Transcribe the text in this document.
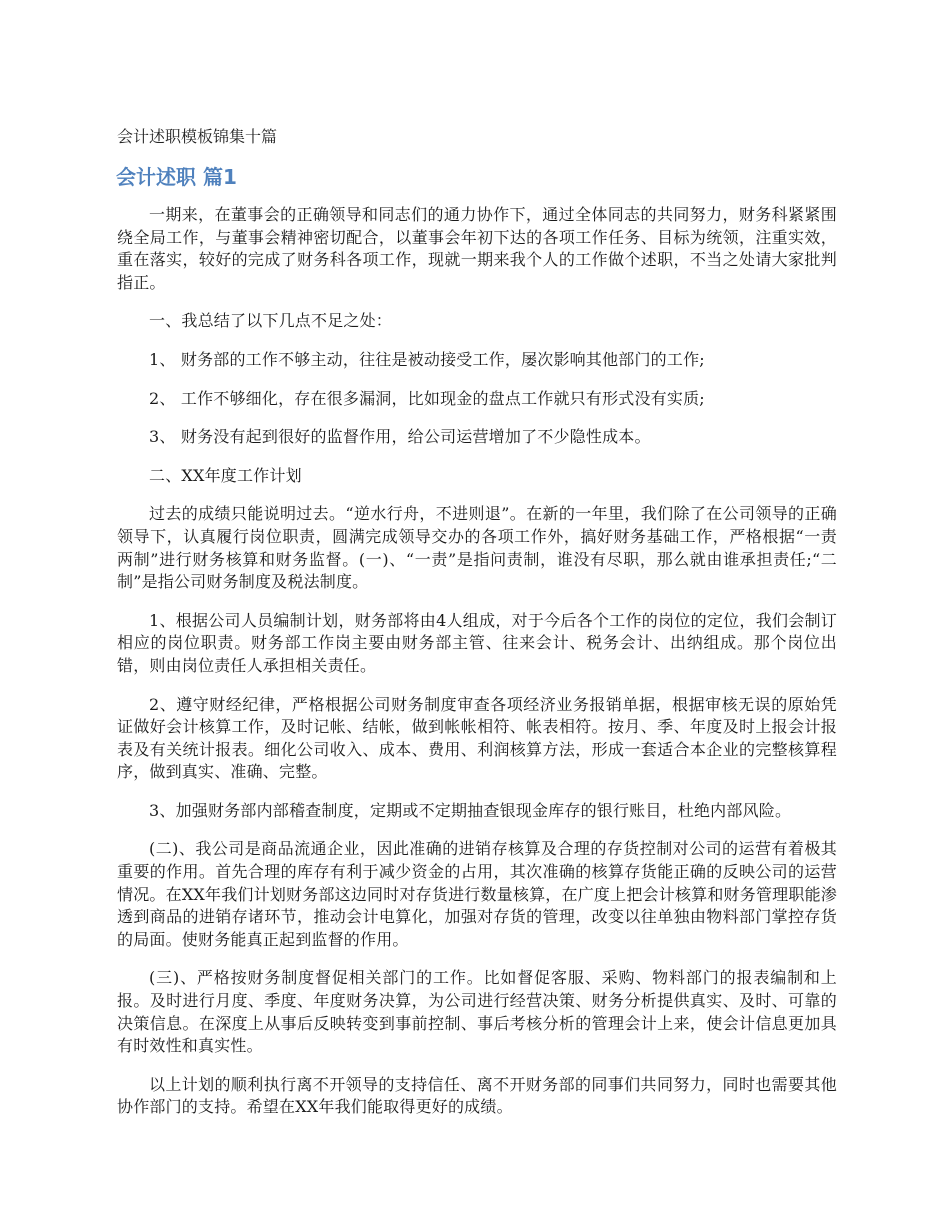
会计述职模板锦集十篇
会计述职 篇1

一期来，在董事会的正确领导和同志们的通力协作下，通过全体同志的共同努力，财务科紧紧围绕全局工作，与董事会精神密切配合，以董事会年初下达的各项工作任务、目标为统领，注重实效，重在落实，较好的完成了财务科各项工作，现就一期来我个人的工作做个述职，不当之处请大家批判指正。

一、我总结了以下几点不足之处：

1、 财务部的工作不够主动，往往是被动接受工作，屡次影响其他部门的工作;

2、 工作不够细化，存在很多漏洞，比如现金的盘点工作就只有形式没有实质;

3、 财务没有起到很好的监督作用，给公司运营增加了不少隐性成本。

二、XX年度工作计划

过去的成绩只能说明过去。“逆水行舟，不进则退”。在新的一年里，我们除了在公司领导的正确领导下，认真履行岗位职责，圆满完成领导交办的各项工作外，搞好财务基础工作，严格根据“一责两制”进行财务核算和财务监督。(一)、“一责”是指问责制，谁没有尽职，那么就由谁承担责任;“二制”是指公司财务制度及税法制度。

1、根据公司人员编制计划，财务部将由4人组成，对于今后各个工作的岗位的定位，我们会制订相应的岗位职责。财务部工作岗主要由财务部主管、往来会计、税务会计、出纳组成。那个岗位出错，则由岗位责任人承担相关责任。

2、遵守财经纪律，严格根据公司财务制度审查各项经济业务报销单据，根据审核无误的原始凭证做好会计核算工作，及时记帐、结帐，做到帐帐相符、帐表相符。按月、季、年度及时上报会计报表及有关统计报表。细化公司收入、成本、费用、利润核算方法，形成一套适合本企业的完整核算程序，做到真实、准确、完整。

3、加强财务部内部稽查制度，定期或不定期抽查银现金库存的银行账目，杜绝内部风险。

(二)、我公司是商品流通企业，因此准确的进销存核算及合理的存货控制对公司的运营有着极其重要的作用。首先合理的库存有利于减少资金的占用，其次准确的核算存货能正确的反映公司的运营情况。在XX年我们计划财务部这边同时对存货进行数量核算，在广度上把会计核算和财务管理职能渗透到商品的进销存诸环节，推动会计电算化，加强对存货的管理，改变以往单独由物料部门掌控存货的局面。使财务能真正起到监督的作用。

(三)、严格按财务制度督促相关部门的工作。比如督促客服、采购、物料部门的报表编制和上报。及时进行月度、季度、年度财务决算，为公司进行经营决策、财务分析提供真实、及时、可靠的决策信息。在深度上从事后反映转变到事前控制、事后考核分析的管理会计上来，使会计信息更加具有时效性和真实性。

以上计划的顺利执行离不开领导的支持信任、离不开财务部的同事们共同努力，同时也需要其他协作部门的支持。希望在XX年我们能取得更好的成绩。
